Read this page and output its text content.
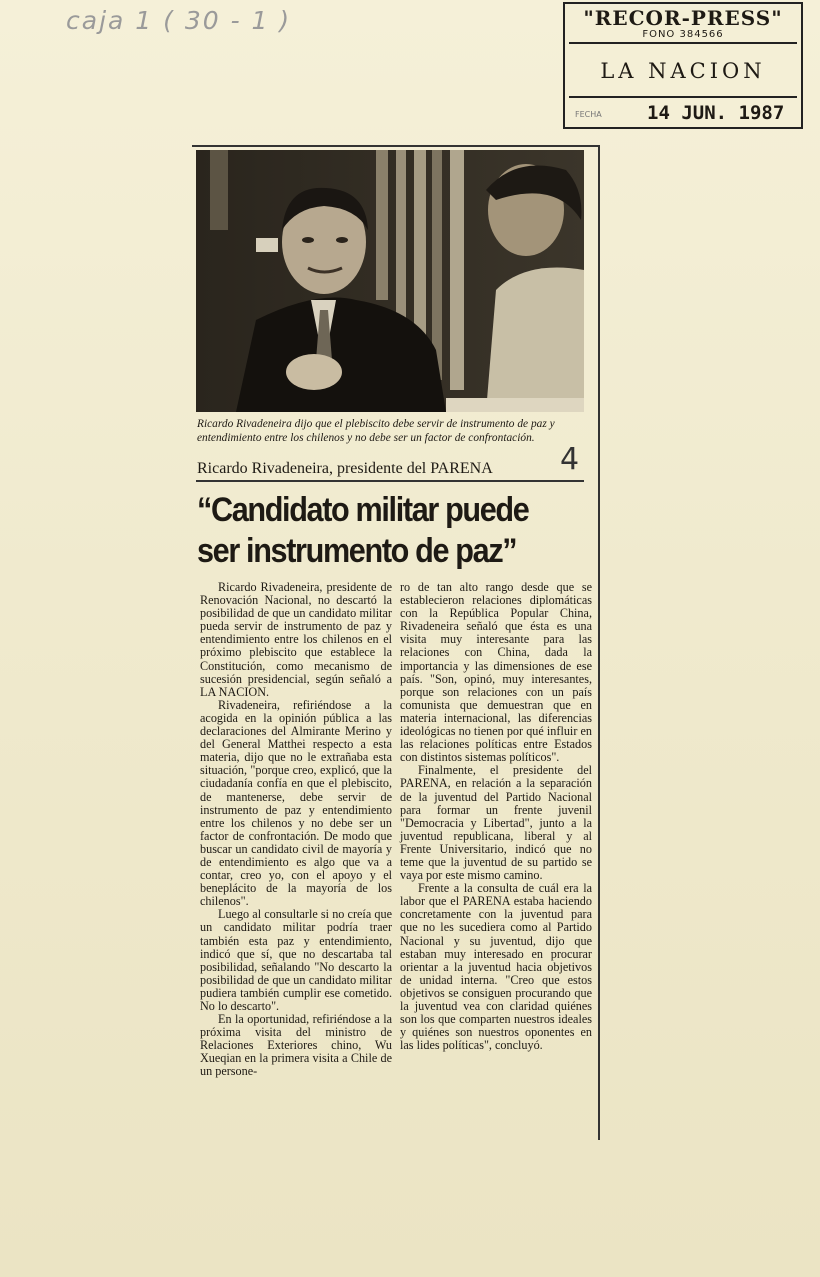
caja 1 ( 30 - 1 )	"RECOR-PRESS"
FONO 384566
LA NACION
FECHA 14 JUN. 1987
Ricardo Rivadeneira dijo que el plebiscito debe servir de instrumento de paz y entendimiento entre los chilenos y no debe ser un factor de confrontación.
Ricardo Rivadeneira, presidente del PARENA 4
“Candidato militar puede ser instrumento de paz”

Ricardo Rivadeneira, presidente de Renovación Nacional, no descartó la posibilidad de que un candidato militar pueda servir de instrumento de paz y entendimiento entre los chilenos en el próximo plebiscito que establece la Constitución, como mecanismo de sucesión presidencial, según señaló a LA NACION.

Rivadeneira, refiriéndose a la acogida en la opinión pública a las declaraciones del Almirante Merino y del General Matthei respecto a esta materia, dijo que no le extrañaba esta situación, "porque creo, explicó, que la ciudadanía confía en que el plebiscito, de mantenerse, debe servir de instrumento de paz y entendimiento entre los chilenos y no debe ser un factor de confrontación. De modo que buscar un candidato civil de mayoría y de entendimiento es algo que va a contar, creo yo, con el apoyo y el beneplácito de la mayoría de los chilenos".

Luego al consultarle si no creía que un candidato militar podría traer también esta paz y entendimiento, indicó que sí, que no descartaba tal posibilidad, señalando "No descarto la posibilidad de que un candidato militar pudiera también cumplir ese cometido. No lo descarto".

En la oportunidad, refiriéndose a la próxima visita del ministro de Relaciones Exteriores chino, Wu Xueqian en la primera visita a Chile de un persone-

ro de tan alto rango desde que se establecieron relaciones diplomáticas con la República Popular China, Rivadeneira señaló que ésta es una visita muy interesante para las relaciones con China, dada la importancia y las dimensiones de ese país. "Son, opinó, muy interesantes, porque son relaciones con un país comunista que demuestran que en materia internacional, las diferencias ideológicas no tienen por qué influir en las relaciones políticas entre Estados con distintos sistemas políticos".

Finalmente, el presidente del PARENA, en relación a la separación de la juventud del Partido Nacional para formar un frente juvenil "Democracia y Libertad", junto a la juventud republicana, liberal y al Frente Universitario, indicó que no teme que la juventud de su partido se vaya por este mismo camino.

Frente a la consulta de cuál era la labor que el PARENA estaba haciendo concretamente con la juventud para que no les sucediera como al Partido Nacional y su juventud, dijo que estaban muy interesado en procurar orientar a la juventud hacia objetivos de unidad interna. "Creo que estos objetivos se consiguen procurando que la juventud vea con claridad quiénes son los que comparten nuestros ideales y quiénes son nuestros oponentes en las lides políticas", concluyó.
